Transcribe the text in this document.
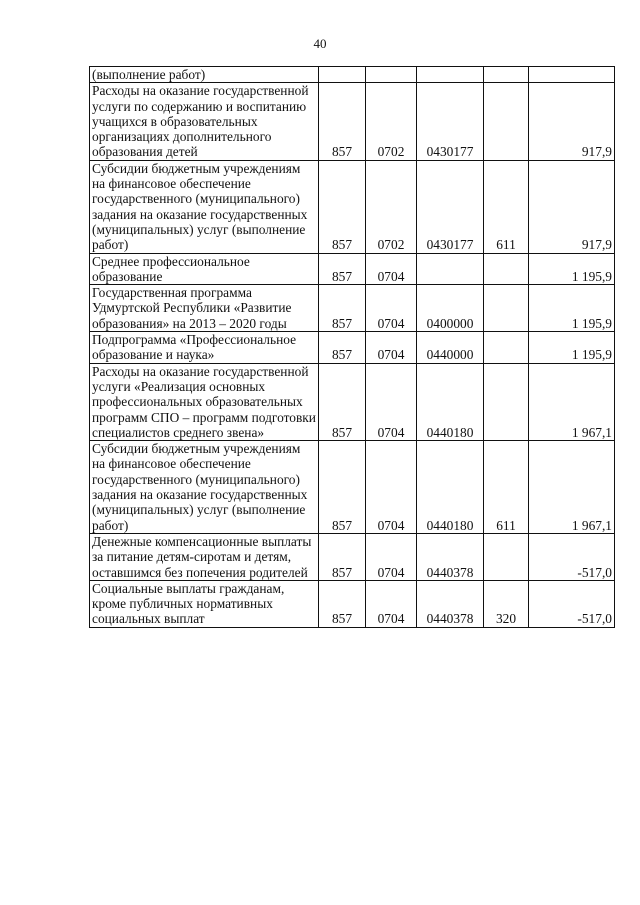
40
(выполнение работ)					
Расходы на оказание государственной услуги по содержанию и воспитанию учащихся в образовательных организациях дополнительного образования детей	857	0702	0430177		917,9
Субсидии бюджетным учреждениям на финансовое обеспечение государственного (муниципального) задания на оказание государственных (муниципальных) услуг (выполнение работ)	857	0702	0430177	611	917,9
Среднее профессиональное образование	857	0704			1 195,9
Государственная программа Удмуртской Республики «Развитие образования» на 2013 – 2020 годы	857	0704	0400000		1 195,9
Подпрограмма «Профессиональное образование и наука»	857	0704	0440000		1 195,9
Расходы на оказание государственной услуги «Реализация основных профессиональных образовательных программ СПО – программ подготовки специалистов среднего звена»	857	0704	0440180		1 967,1
Субсидии бюджетным учреждениям на финансовое обеспечение государственного (муниципального) задания на оказание государственных (муниципальных) услуг (выполнение работ)	857	0704	0440180	611	1 967,1
Денежные компенсационные выплаты за питание детям-сиротам и детям, оставшимся без попечения родителей	857	0704	0440378		-517,0
Социальные выплаты гражданам, кроме публичных нормативных социальных выплат	857	0704	0440378	320	-517,0
